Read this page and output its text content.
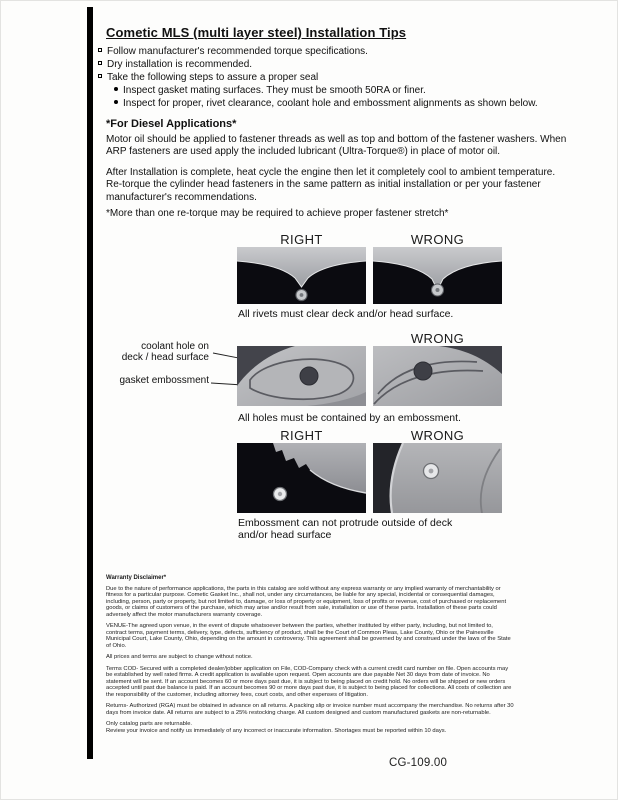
Cometic MLS (multi layer steel) Installation Tips
Follow manufacturer's recommended torque specifications.
Dry installation is recommended.
Take the following steps to assure a proper seal
Inspect gasket mating surfaces. They must be smooth 50RA or finer.
Inspect for proper, rivet clearance, coolant hole and embossment alignments as shown below.
*For Diesel Applications*
Motor oil should be applied to fastener threads as well as top and bottom of the fastener washers. When ARP fasteners are used apply the included lubricant (Ultra-Torque®) in place of motor oil.
After Installation is complete, heat cycle the engine then let it completely cool to ambient temperature. Re-torque the cylinder head fasteners in the same pattern as initial installation or per your fastener manufacturer's recommendations.
*More than one re-torque may be required to achieve proper fastener stretch*
RIGHT	WRONG
All rivets must clear deck and/or head surface.
WRONG
coolant hole on
deck / head surface
gasket embossment
All holes must be contained by an embossment.
RIGHT	WRONG
Embossment can not protrude outside of deck and/or head surface
Warranty Disclaimer*

Due to the nature of performance applications, the parts in this catalog are sold without any express warranty or any implied warranty of merchantability or fitness for a particular purpose. Cometic Gasket Inc., shall not, under any circumstances, be liable for any special, incidental or consequential damages, including, person, party or property, but not limited to, damage, or loss of property or equipment, loss of profits or revenue, cost of purchased or replacement goods, or claims of customers of the purchase, which may arise and/or result from sale, installation or use of these parts. Installation of these parts could adversely affect the motor manufacturers warranty coverage.

VENUE-The agreed upon venue, in the event of dispute whatsoever between the parties, whether instituted by either party, including, but not limited to, contract terms, payment terms, delivery, type, defects, sufficiency of product, shall be the Court of Common Pleas, Lake County, Ohio or the Painesville Municipal Court, Lake County, Ohio, depending on the amount in controversy. This agreement shall be governed by and construed under the laws of the State of Ohio.

All prices and terms are subject to change without notice.

Terms COD- Secured with a completed dealer/jobber application on File, COD-Company check with a current credit card number on file. Open accounts may be established by well rated firms. A credit application is available upon request. Open accounts are due payable Net 30 days from date of invoice. No statement will be sent. If an account becomes 60 or more days past due, it is subject to being placed on credit hold. No orders will be shipped or new orders accepted until past due balance is paid. If an account becomes 90 or more days past due, it is subject to being placed for collections. All costs of collection are the responsibility of the customer, including attorney fees, court costs, and other expenses of litigation.

Returns- Authorized (RGA) must be obtained in advance on all returns. A packing slip or invoice number must accompany the merchandise. No returns after 30 days from invoice date. All returns are subject to a 25% restocking charge. All custom designed and custom manufactured gaskets are non-returnable.

Only catalog parts are returnable.

Review your invoice and notify us immediately of any incorrect or inaccurate information. Shortages must be reported within 10 days.

CG-109.00
